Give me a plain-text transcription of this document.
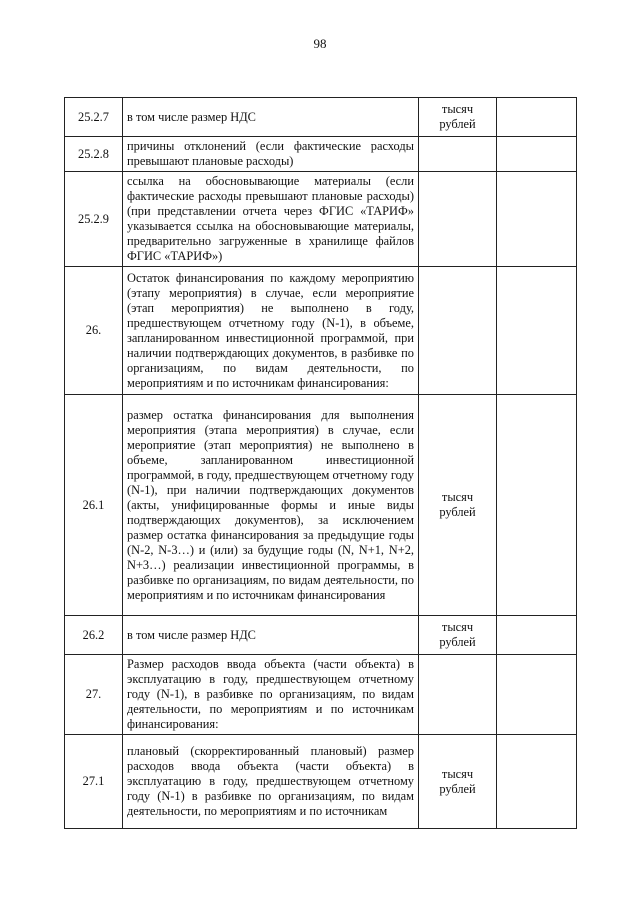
98
25.2.7	в том числе размер НДС	тысяч рублей	
25.2.8	причины отклонений (если фактические расходы превышают плановые расходы)		
25.2.9	ссылка на обосновывающие материалы (если фактические расходы превышают плановые расходы) (при представлении отчета через ФГИС «ТАРИФ» указывается ссылка на обосновывающие материалы, предварительно загруженные в хранилище файлов ФГИС «ТАРИФ»)		
26.	Остаток финансирования по каждому мероприятию (этапу мероприятия) в случае, если мероприятие (этап мероприятия) не выполнено в году, предшествующем отчетному году (N-1), в объеме, запланированном инвестиционной программой, при наличии подтверждающих документов, в разбивке по организациям, по видам деятельности, по мероприятиям и по источникам финансирования:		
26.1	размер остатка финансирования для выполнения мероприятия (этапа мероприятия) в случае, если мероприятие (этап мероприятия) не выполнено в объеме, запланированном инвестиционной программой, в году, предшествующем отчетному году (N-1), при наличии подтверждающих документов (акты, унифицированные формы и иные виды подтверждающих документов), за исключением размер остатка финансирования за предыдущие годы (N-2, N-3…) и (или) за будущие годы (N, N+1, N+2, N+3…) реализации инвестиционной программы, в разбивке по организациям, по видам деятельности, по мероприятиям и по источникам финансирования	тысяч рублей	
26.2	в том числе размер НДС	тысяч рублей	
27.	Размер расходов ввода объекта (части объекта) в эксплуатацию в году, предшествующем отчетному году (N-1), в разбивке по организациям, по видам деятельности, по мероприятиям и по источникам финансирования:		
27.1	плановый (скорректированный плановый) размер расходов ввода объекта (части объекта) в эксплуатацию в году, предшествующем отчетному году (N-1) в разбивке по организациям, по видам деятельности, по мероприятиям и по источникам	тысяч рублей	
